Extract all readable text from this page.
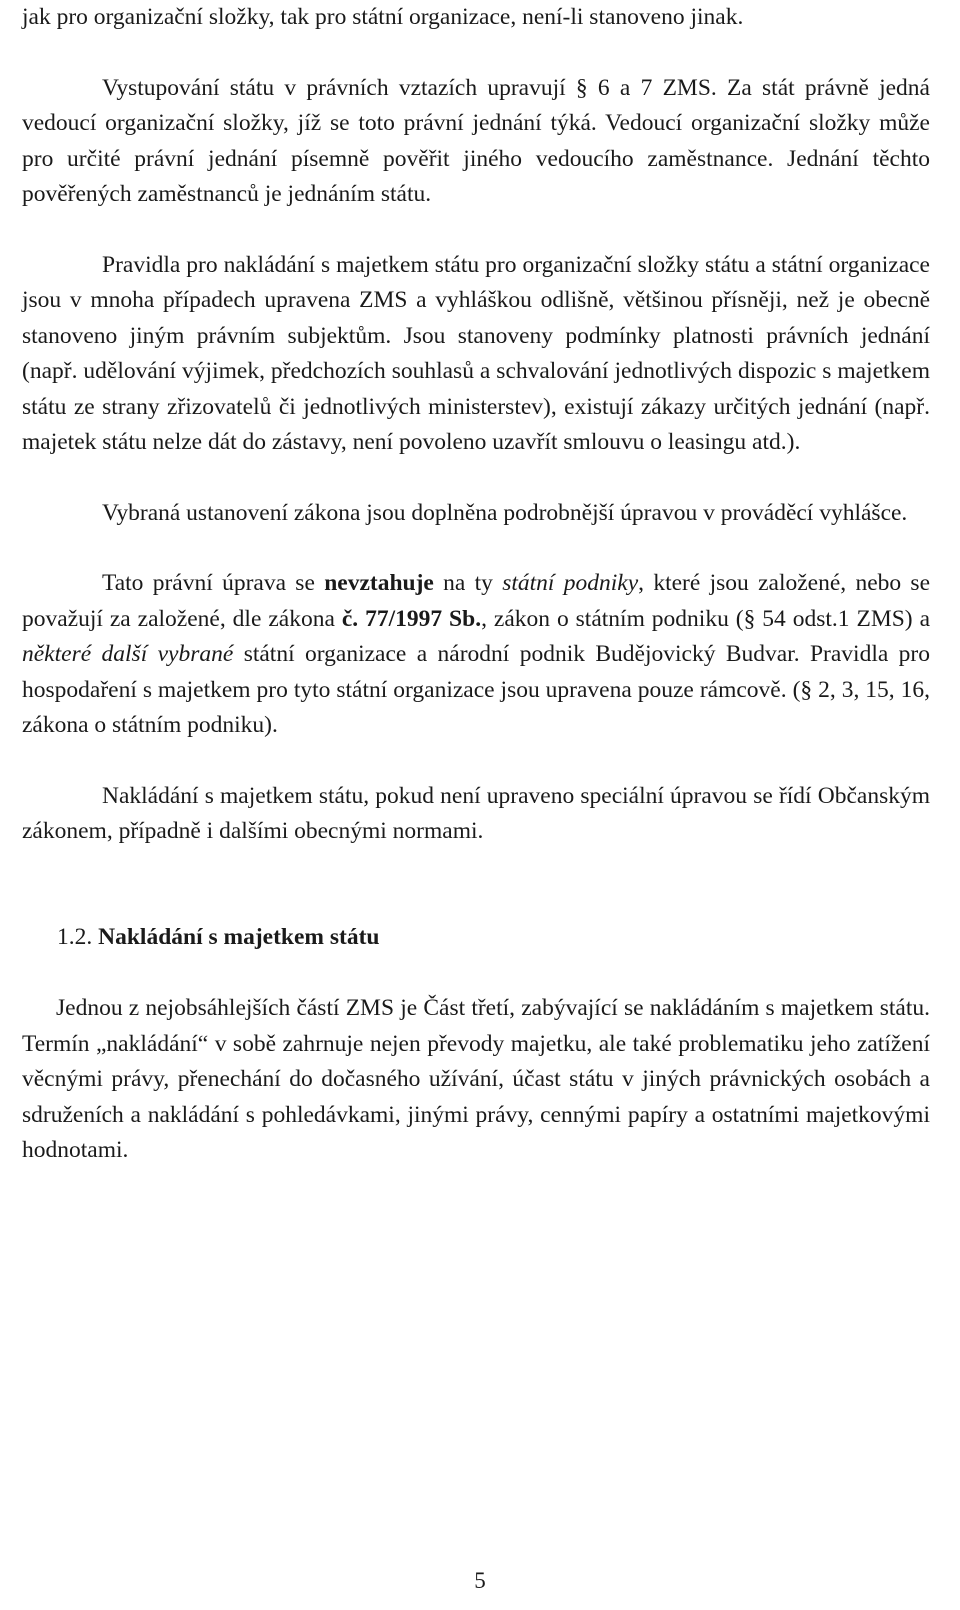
jak pro organizační složky, tak pro státní organizace, není-li stanoveno jinak.

Vystupování státu v právních vztazích upravují § 6 a 7 ZMS. Za stát právně jedná vedoucí organizační složky, jíž se toto právní jednání týká. Vedoucí organizační složky může pro určité právní jednání písemně pověřit jiného vedoucího zaměstnance. Jednání těchto pověřených zaměstnanců je jednáním státu.

Pravidla pro nakládání s majetkem státu pro organizační složky státu a státní organizace jsou v mnoha případech upravena ZMS a vyhláškou odlišně, většinou přísněji, než je obecně stanoveno jiným právním subjektům. Jsou stanoveny podmínky platnosti právních jednání (např. udělování výjimek, předchozích souhlasů a schvalování jednotlivých dispozic s majetkem státu ze strany zřizovatelů či jednotlivých ministerstev), existují zákazy určitých jednání (např. majetek státu nelze dát do zástavy, není povoleno uzavřít smlouvu o leasingu atd.).

Vybraná ustanovení zákona jsou doplněna podrobnější úpravou v prováděcí vyhlášce.

Tato právní úprava se nevztahuje na ty státní podniky, které jsou založené, nebo se považují za založené, dle zákona č. 77/1997 Sb., zákon o státním podniku (§ 54 odst.1 ZMS) a některé další vybrané státní organizace a národní podnik Budějovický Budvar. Pravidla pro hospodaření s majetkem pro tyto státní organizace jsou upravena pouze rámcově. (§ 2, 3, 15, 16, zákona o státním podniku).

Nakládání s majetkem státu, pokud není upraveno speciální úpravou se řídí Občanským zákonem, případně i dalšími obecnými normami.

1.2. Nakládání s majetkem státu

Jednou z nejobsáhlejších částí ZMS je Část třetí, zabývající se nakládáním s majetkem státu. Termín „nakládání“ v sobě zahrnuje nejen převody majetku, ale také problematiku jeho zatížení věcnými právy, přenechání do dočasného užívání, účast státu v jiných právnických osobách a sdruženích a nakládání s pohledávkami, jinými právy, cennými papíry a ostatními majetkovými hodnotami.

5
